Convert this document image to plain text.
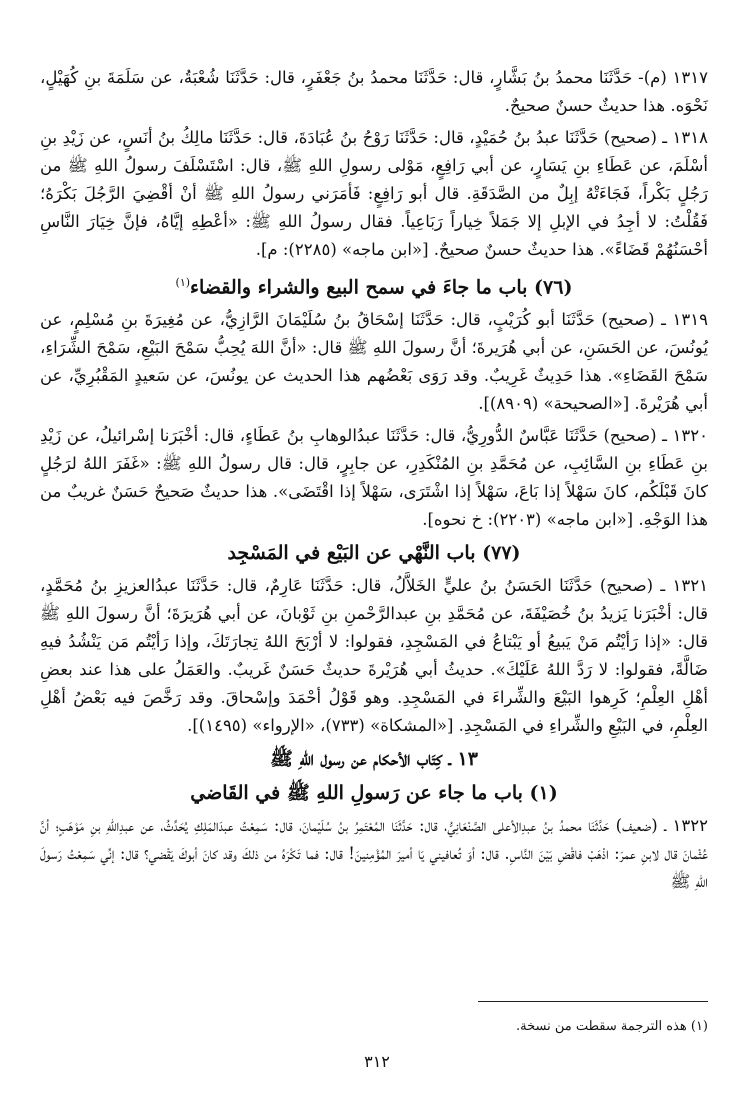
١٣١٧ (م)- حَدَّثَنَا محمدُ بنُ بَشَّارٍ، قال: حَدَّثَنَا محمدُ بنُ جَعْفَرٍ، قال: حَدَّثَنَا شُعْبَةُ، عن سَلَمَةَ بنِ كُهَيْلٍ، نَحْوَه. هذا حديثٌ حسنٌ صحيحٌ.

١٣١٨ ـ (صحيح) حَدَّثَنَا عبدُ بنُ حُمَيْدٍ، قال: حَدَّثَنَا رَوْحُ بنُ عُبَادَةَ، قال: حَدَّثَنَا مالِكُ بنُ أنَسٍ، عن زَيْدِ بنِ أسْلَمَ، عن عَطَاءِ بنِ يَسَارٍ، عن أبي رَافِعٍ، مَوْلى رسولِ اللهِ ﷺ، قال: اسْتَسْلَفَ رسولُ اللهِ ﷺ من رَجُلٍ بَكْراً، فَجَاءَتْهُ إبِلٌ من الصَّدَقَةِ. قال أبو رَافِعٍ: فَأمَرَني رسولُ اللهِ ﷺ أنْ أقْضِيَ الرَّجُلَ بَكْرَهُ؛ فَقُلْتُ: لا أجِدُ في الإبلِ إلا جَمَلاً خِياراً رَبَاعِياً. فقال رسولُ اللهِ ﷺ: «أعْطِهِ إيَّاهُ، فإنَّ خِيَارَ النَّاسِ أحْسَنُهُمْ قَضَاءً». هذا حديثٌ حسنٌ صحيحٌ. [«ابن ماجه» (٢٢٨٥): م].

(٧٦) باب ما جاءَ في سمح البيع والشراء والقضاء$^{(١)}$

١٣١٩ ـ (صحيح) حَدَّثَنَا أبو كُرَيْبٍ، قال: حَدَّثَنَا إسْحَاقُ بنُ سُلَيْمَانَ الرَّازِيُّ، عن مُغِيرَةَ بنِ مُسْلِمٍ، عن يُونُسَ، عن الحَسَنِ، عن أبي هُرَيرةَ؛ أنَّ رسولَ اللهِ ﷺ قال: «أنَّ اللهَ يُحِبُّ سَمْحَ البَيْعِ، سَمْحَ الشِّرَاءِ، سَمْحَ القَضَاءِ». هذا حَدِيثٌ غَرِيبٌ. وقد رَوَى بَعْضُهم هذا الحديث عن يونُسَ، عن سَعيدٍ المَقْبُرِيِّ، عن أبي هُرَيْرةَ. [«الصحيحة» (٨٩٠٩)].

١٣٢٠ ـ (صحيح) حَدَّثَنَا عَبَّاسٌ الدُّورِيُّ، قال: حَدَّثَنَا عبدُالوهابِ بنُ عَطَاءٍ، قال: أخْبَرَنا إسْرائيلُ، عن زَيْدِ بنِ عَطَاءِ بنِ السَّائِبِ، عن مُحَمَّدِ بنِ المُنْكَدِرِ، عن جابِرٍ، قال: قال رسولُ اللهِ ﷺ: «غَفَرَ اللهُ لرَجُلٍ كانَ قَبْلَكُم، كانَ سَهْلاً إذا بَاعَ، سَهْلاً إذا اشْتَرَى، سَهْلاً إذا اقْتَضَى». هذا حديثٌ صَحيحٌ حَسَنٌ غريبٌ من هذا الوَجْهِ. [«ابن ماجه» (٢٢٠٣): خ نحوه].

(٧٧) باب النَّهْي عن البَيْع في المَسْجِد

١٣٢١ ـ (صحيح) حَدَّثَنَا الحَسَنُ بنُ عليٍّ الخَلاَّلُ، قال: حَدَّثَنَا عَارِمٌ، قال: حَدَّثَنَا عبدُالعزيزِ بنُ مُحَمَّدٍ، قال: أخْبَرَنا يَزيدُ بنُ خُصَيْفَةَ، عن مُحَمَّدِ بنِ عبدالرَّحْمنِ بنِ ثَوْبانَ، عن أبي هُرَيرَةَ؛ أنَّ رسولَ اللهِ ﷺ قال: «إذا رَأيْتُم مَنْ يَبيعُ أو يَبْتاعُ في المَسْجِدِ، فقولوا: لا أرْبَحَ اللهُ تِجارَتَكَ، وإذا رَأيْتُم مَن يَنْشُدُ فيهِ ضَالَّةً، فقولوا: لا رَدَّ اللهُ عَلَيْكَ». حديثُ أبي هُرَيْرةَ حديثٌ حَسَنٌ غَريبٌ. والعَمَلُ على هذا عند بعضِ أهْلِ العِلْمِ؛ كَرِهوا البَيْعَ والشِّراءَ في المَسْجِدِ. وهو قَوْلُ أحْمَدَ وإسْحاقَ. وقد رَخَّصَ فيه بَعْضُ أهْلِ العِلْمِ، في البَيْعِ والشِّراءِ في المَسْجِدِ. [«المشكاة» (٧٣٣)، «الإرواء» (١٤٩٥)].

١٣ ـ كِتَاب الأحكام عن رسول اللهِ ﷺ
(١) باب ما جاء عن رَسولِ اللهِ ﷺ في القَاضي

١٣٢٢ ـ (ضعيف) حَدَّثَنَا محمدُ بنُ عبدِالأعلى الصَّنْعَانِيُّ، قال: حَدَّثَنَا المُعْتَمِرُ بنُ سُلَيْمانَ، قال: سَمِعْتُ عبدَالمَلِكِ يُحَدِّثُ، عن عبدِاللهِ بنِ مَوْهَبٍ؛ أنَّ عُثْمانَ قال لابنِ عمرَ: اذْهَبْ فاقْضِ بَيْنَ النَّاسِ. قال: أوَ تُعافيني يَا أميرَ المُؤْمِنينَ! قال: فما تَكْرَهُ من ذلكَ وقد كانَ أبوكَ يَقْضي؟ قال: إنِّي سَمِعْتُ رَسولَ اللهِ ﷺ

(١) هذه الترجمة سقطت من نسخة.
٣١٢
